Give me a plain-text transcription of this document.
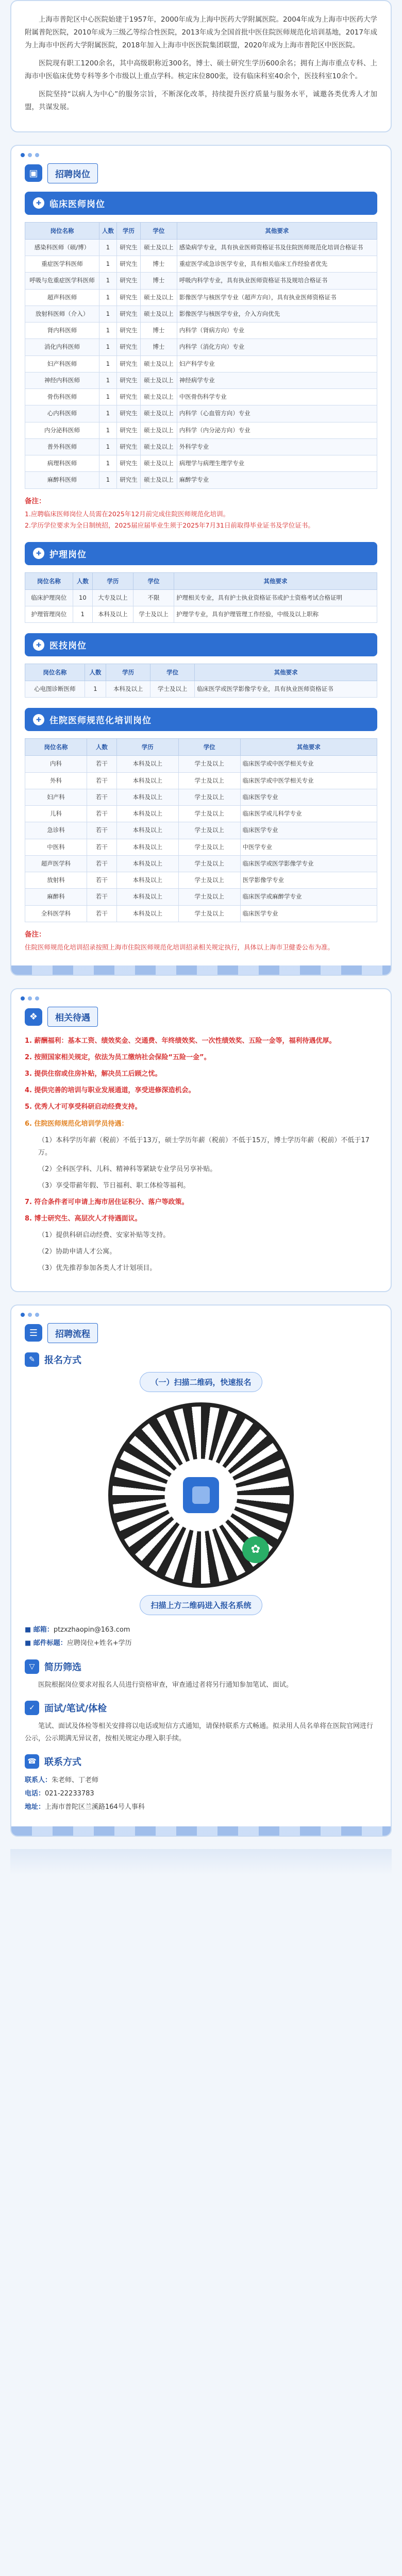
上海市普陀区中心医院始建于1957年，2000年成为上海中医药大学附属医院。2004年成为上海市中医药大学附属普陀医院，2010年成为三级乙等综合性医院，2013年成为全国首批中医住院医师规范化培训基地，2017年成为上海市中医药大学附属医院，2018年加入上海市中医医院集团联盟，2020年成为上海市普陀区中医医院。

医院现有职工1200余名，其中高级职称近300名，博士、硕士研究生学历600余名；拥有上海市重点专科、上海市中医临床优势专科等多个市级以上重点学科。核定床位800张，设有临床科室40余个，医技科室10余个。

医院坚持“以病人为中心”的服务宗旨，不断深化改革，持续提升医疗质量与服务水平，诚邀各类优秀人才加盟，共谋发展。

▣	招聘岗位
✚ 临床医师岗位
岗位名称	人数	学历	学位	其他要求
感染科医师（硕/博）	1	研究生	硕士及以上	感染病学专业，具有执业医师资格证书及住院医师规范化培训合格证书
重症医学科医师	1	研究生	博士	重症医学或急诊医学专业，具有相关临床工作经验者优先
呼吸与危重症医学科医师	1	研究生	博士	呼吸内科学专业，具有执业医师资格证书及规培合格证书
超声科医师	1	研究生	硕士及以上	影像医学与核医学专业（超声方向），具有执业医师资格证书
放射科医师（介入）	1	研究生	硕士及以上	影像医学与核医学专业，介入方向优先
肾内科医师	1	研究生	博士	内科学（肾病方向）专业
消化内科医师	1	研究生	博士	内科学（消化方向）专业
妇产科医师	1	研究生	硕士及以上	妇产科学专业
神经内科医师	1	研究生	硕士及以上	神经病学专业
骨伤科医师	1	研究生	硕士及以上	中医骨伤科学专业
心内科医师	1	研究生	硕士及以上	内科学（心血管方向）专业
内分泌科医师	1	研究生	硕士及以上	内科学（内分泌方向）专业
普外科医师	1	研究生	硕士及以上	外科学专业
病理科医师	1	研究生	硕士及以上	病理学与病理生理学专业
麻醉科医师	1	研究生	硕士及以上	麻醉学专业
备注：

1.应聘临床医师岗位人员需在2025年12月前完成住院医师规范化培训。

2.学历学位要求为全日制统招，2025届应届毕业生须于2025年7月31日前取得毕业证书及学位证书。

✚ 护理岗位
岗位名称	人数	学历	学位	其他要求
临床护理岗位	10	大专及以上	不限	护理相关专业，具有护士执业资格证书或护士资格考试合格证明
护理管理岗位	1	本科及以上	学士及以上	护理学专业，具有护理管理工作经验，中级及以上职称
✚ 医技岗位
岗位名称	人数	学历	学位	其他要求
心电图诊断医师	1	本科及以上	学士及以上	临床医学或医学影像学专业，具有执业医师资格证书
✚ 住院医师规范化培训岗位
岗位名称	人数	学历	学位	其他要求
内科	若干	本科及以上	学士及以上	临床医学或中医学相关专业
外科	若干	本科及以上	学士及以上	临床医学或中医学相关专业
妇产科	若干	本科及以上	学士及以上	临床医学专业
儿科	若干	本科及以上	学士及以上	临床医学或儿科学专业
急诊科	若干	本科及以上	学士及以上	临床医学专业
中医科	若干	本科及以上	学士及以上	中医学专业
超声医学科	若干	本科及以上	学士及以上	临床医学或医学影像学专业
放射科	若干	本科及以上	学士及以上	医学影像学专业
麻醉科	若干	本科及以上	学士及以上	临床医学或麻醉学专业
全科医学科	若干	本科及以上	学士及以上	临床医学专业
备注：

住院医师规范化培训招录按照上海市住院医师规范化培训招录相关规定执行，具体以上海市卫健委公布为准。

❖	相关待遇

1. 薪酬福利：基本工资、绩效奖金、交通费、年终绩效奖、一次性绩效奖、五险一金等，福利待遇优厚。

2. 按照国家相关规定，依法为员工缴纳社会保险“五险一金”。

3. 提供住宿或住房补贴，解决员工后顾之忧。

4. 提供完善的培训与职业发展通道，享受进修深造机会。

5. 优秀人才可享受科研启动经费支持。

6. 住院医师规范化培训学员待遇：

（1）本科学历年薪（税前）不低于13万，硕士学历年薪（税前）不低于15万，博士学历年薪（税前）不低于17万。

（2）全科医学科、儿科、精神科等紧缺专业学员另享补贴。

（3）享受带薪年假、节日福利、职工体检等福利。

7. 符合条件者可申请上海市居住证积分、落户等政策。

8. 博士研究生、高层次人才待遇面议。

（1）提供科研启动经费、安家补贴等支持。

（2）协助申请人才公寓。

（3）优先推荐参加各类人才计划项目。

☰	招聘流程
✎	报名方式
（一）扫描二维码，快速报名
✿
扫描上方二维码进入报名系统
■ 邮箱：ptzxzhaopin@163.com
■ 邮件标题：应聘岗位+姓名+学历
▽	简历筛选

医院根据岗位要求对报名人员进行资格审查，审查通过者将另行通知参加笔试、面试。

✓	面试/笔试/体检

笔试、面试及体检等相关安排将以电话或短信方式通知，请保持联系方式畅通。拟录用人员名单将在医院官网进行公示，公示期满无异议者，按相关规定办理入职手续。

☎ 联系方式
联系人：朱老师、丁老师
电话：021-22233783
地址：上海市普陀区兰溪路164号人事科
